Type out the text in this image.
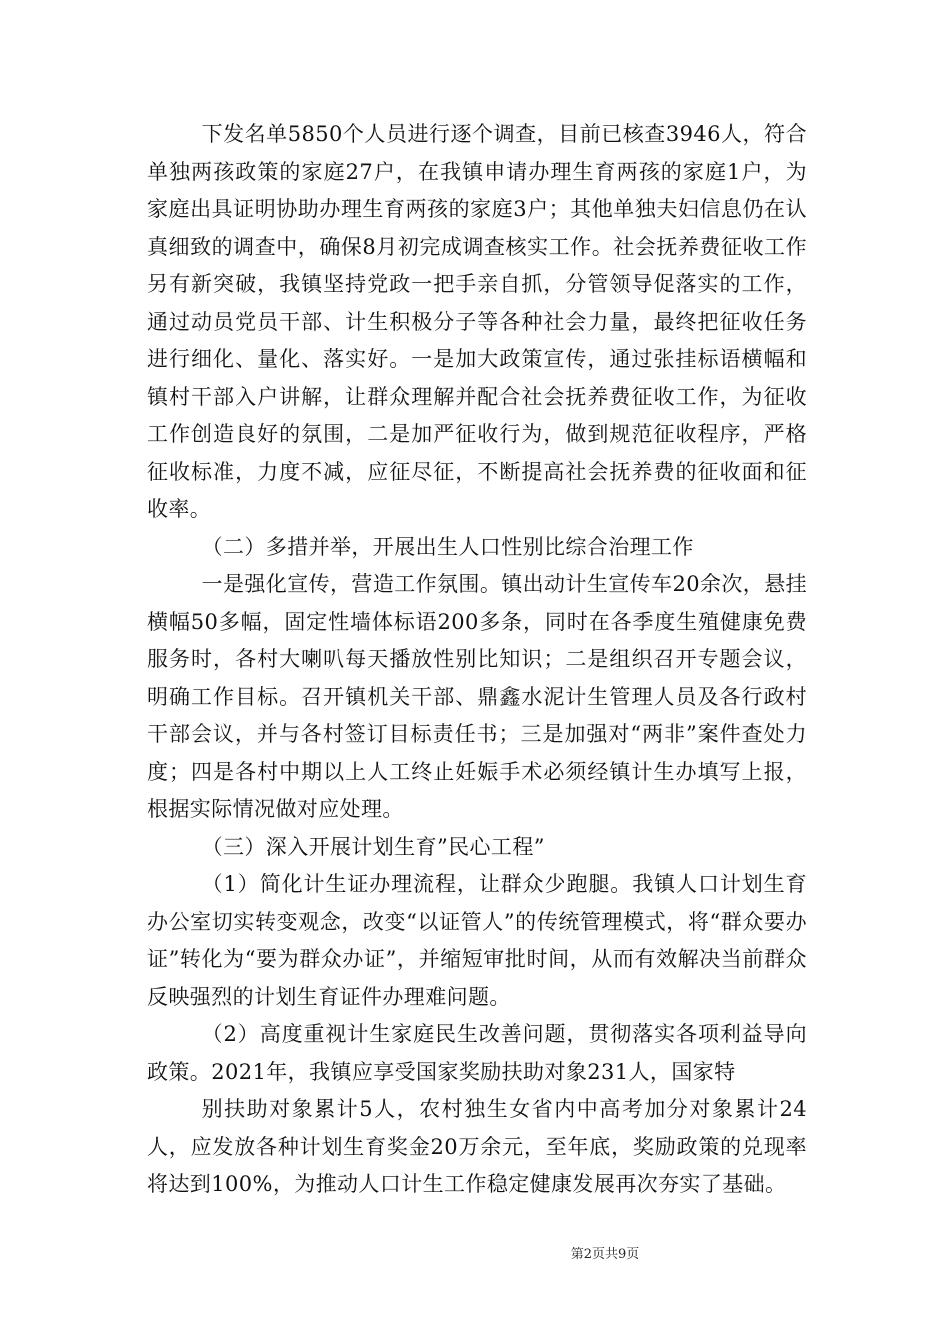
下发名单5850个人员进行逐个调查，目前已核查3946人，符合单独两孩政策的家庭27户，在我镇申请办理生育两孩的家庭1户，为家庭出具证明协助办理生育两孩的家庭3户；其他单独夫妇信息仍在认真细致的调查中，确保8月初完成调查核实工作。社会抚养费征收工作另有新突破，我镇坚持党政一把手亲自抓，分管领导促落实的工作，通过动员党员干部、计生积极分子等各种社会力量，最终把征收任务进行细化、量化、落实好。一是加大政策宣传，通过张挂标语横幅和镇村干部入户讲解，让群众理解并配合社会抚养费征收工作，为征收工作创造良好的氛围，二是加严征收行为，做到规范征收程序，严格征收标准，力度不减，应征尽征，不断提高社会抚养费的征收面和征收率。

（二）多措并举，开展出生人口性别比综合治理工作

一是强化宣传，营造工作氛围。镇出动计生宣传车20余次，悬挂横幅50多幅，固定性墙体标语200多条，同时在各季度生殖健康免费服务时，各村大喇叭每天播放性别比知识；二是组织召开专题会议，明确工作目标。召开镇机关干部、鼎鑫水泥计生管理人员及各行政村干部会议，并与各村签订目标责任书；三是加强对“两非”案件查处力度；四是各村中期以上人工终止妊娠手术必须经镇计生办填写上报，根据实际情况做对应处理。

（三）深入开展计划生育”民心工程”

（1）简化计生证办理流程，让群众少跑腿。我镇人口计划生育办公室切实转变观念，改变“以证管人”的传统管理模式，将“群众要办证”转化为“要为群众办证”，并缩短审批时间，从而有效解决当前群众反映强烈的计划生育证件办理难问题。

（2）高度重视计生家庭民生改善问题，贯彻落实各项利益导向政策。2021年，我镇应享受国家奖励扶助对象231人，国家特

别扶助对象累计5人，农村独生女省内中高考加分对象累计24人，应发放各种计划生育奖金20万余元，至年底，奖励政策的兑现率将达到100%，为推动人口计生工作稳定健康发展再次夯实了基础。

第2页共9页
